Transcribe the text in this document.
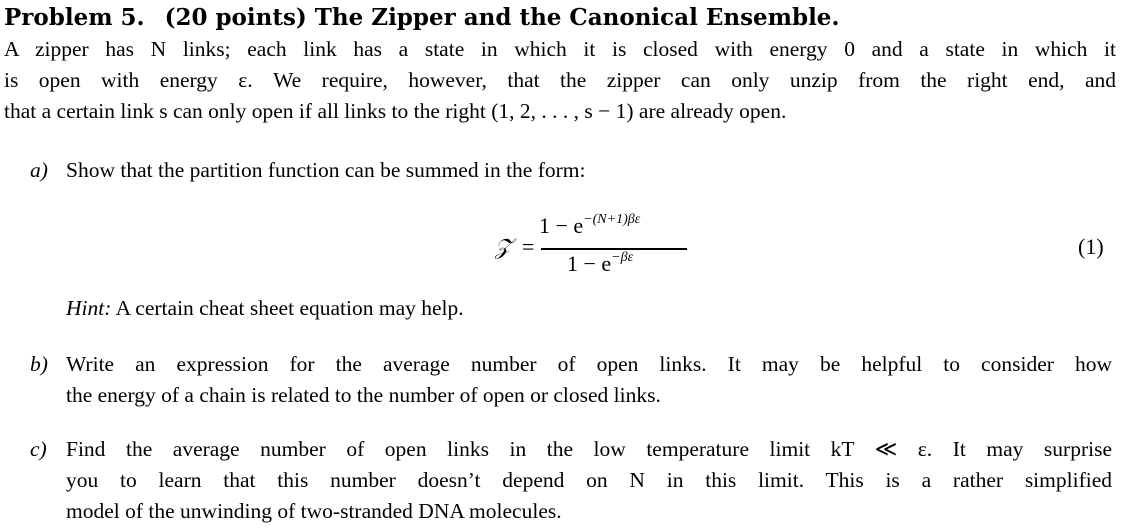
Problem 5. (20 points) The Zipper and the Canonical Ensemble.
A zipper has N links; each link has a state in which it is closed with energy 0 and a state in which it
is open with energy ε. We require, however, that the zipper can only unzip from the right end, and
that a certain link s can only open if all links to the right (1, 2, . . . , s − 1) are already open.
a) Show that the partition function can be summed in the form:
𝒵 =
$1 - e^{-(N+1)\beta\varepsilon}$
$1 - e^{-\beta\varepsilon}$	(1)
Hint: A certain cheat sheet equation may help.
b) Write an expression for the average number of open links. It may be helpful to consider how
the energy of a chain is related to the number of open or closed links.
c) Find the average number of open links in the low temperature limit kT ≪ ε. It may surprise
you to learn that this number doesn’t depend on N in this limit. This is a rather simplified
model of the unwinding of two-stranded DNA molecules.
